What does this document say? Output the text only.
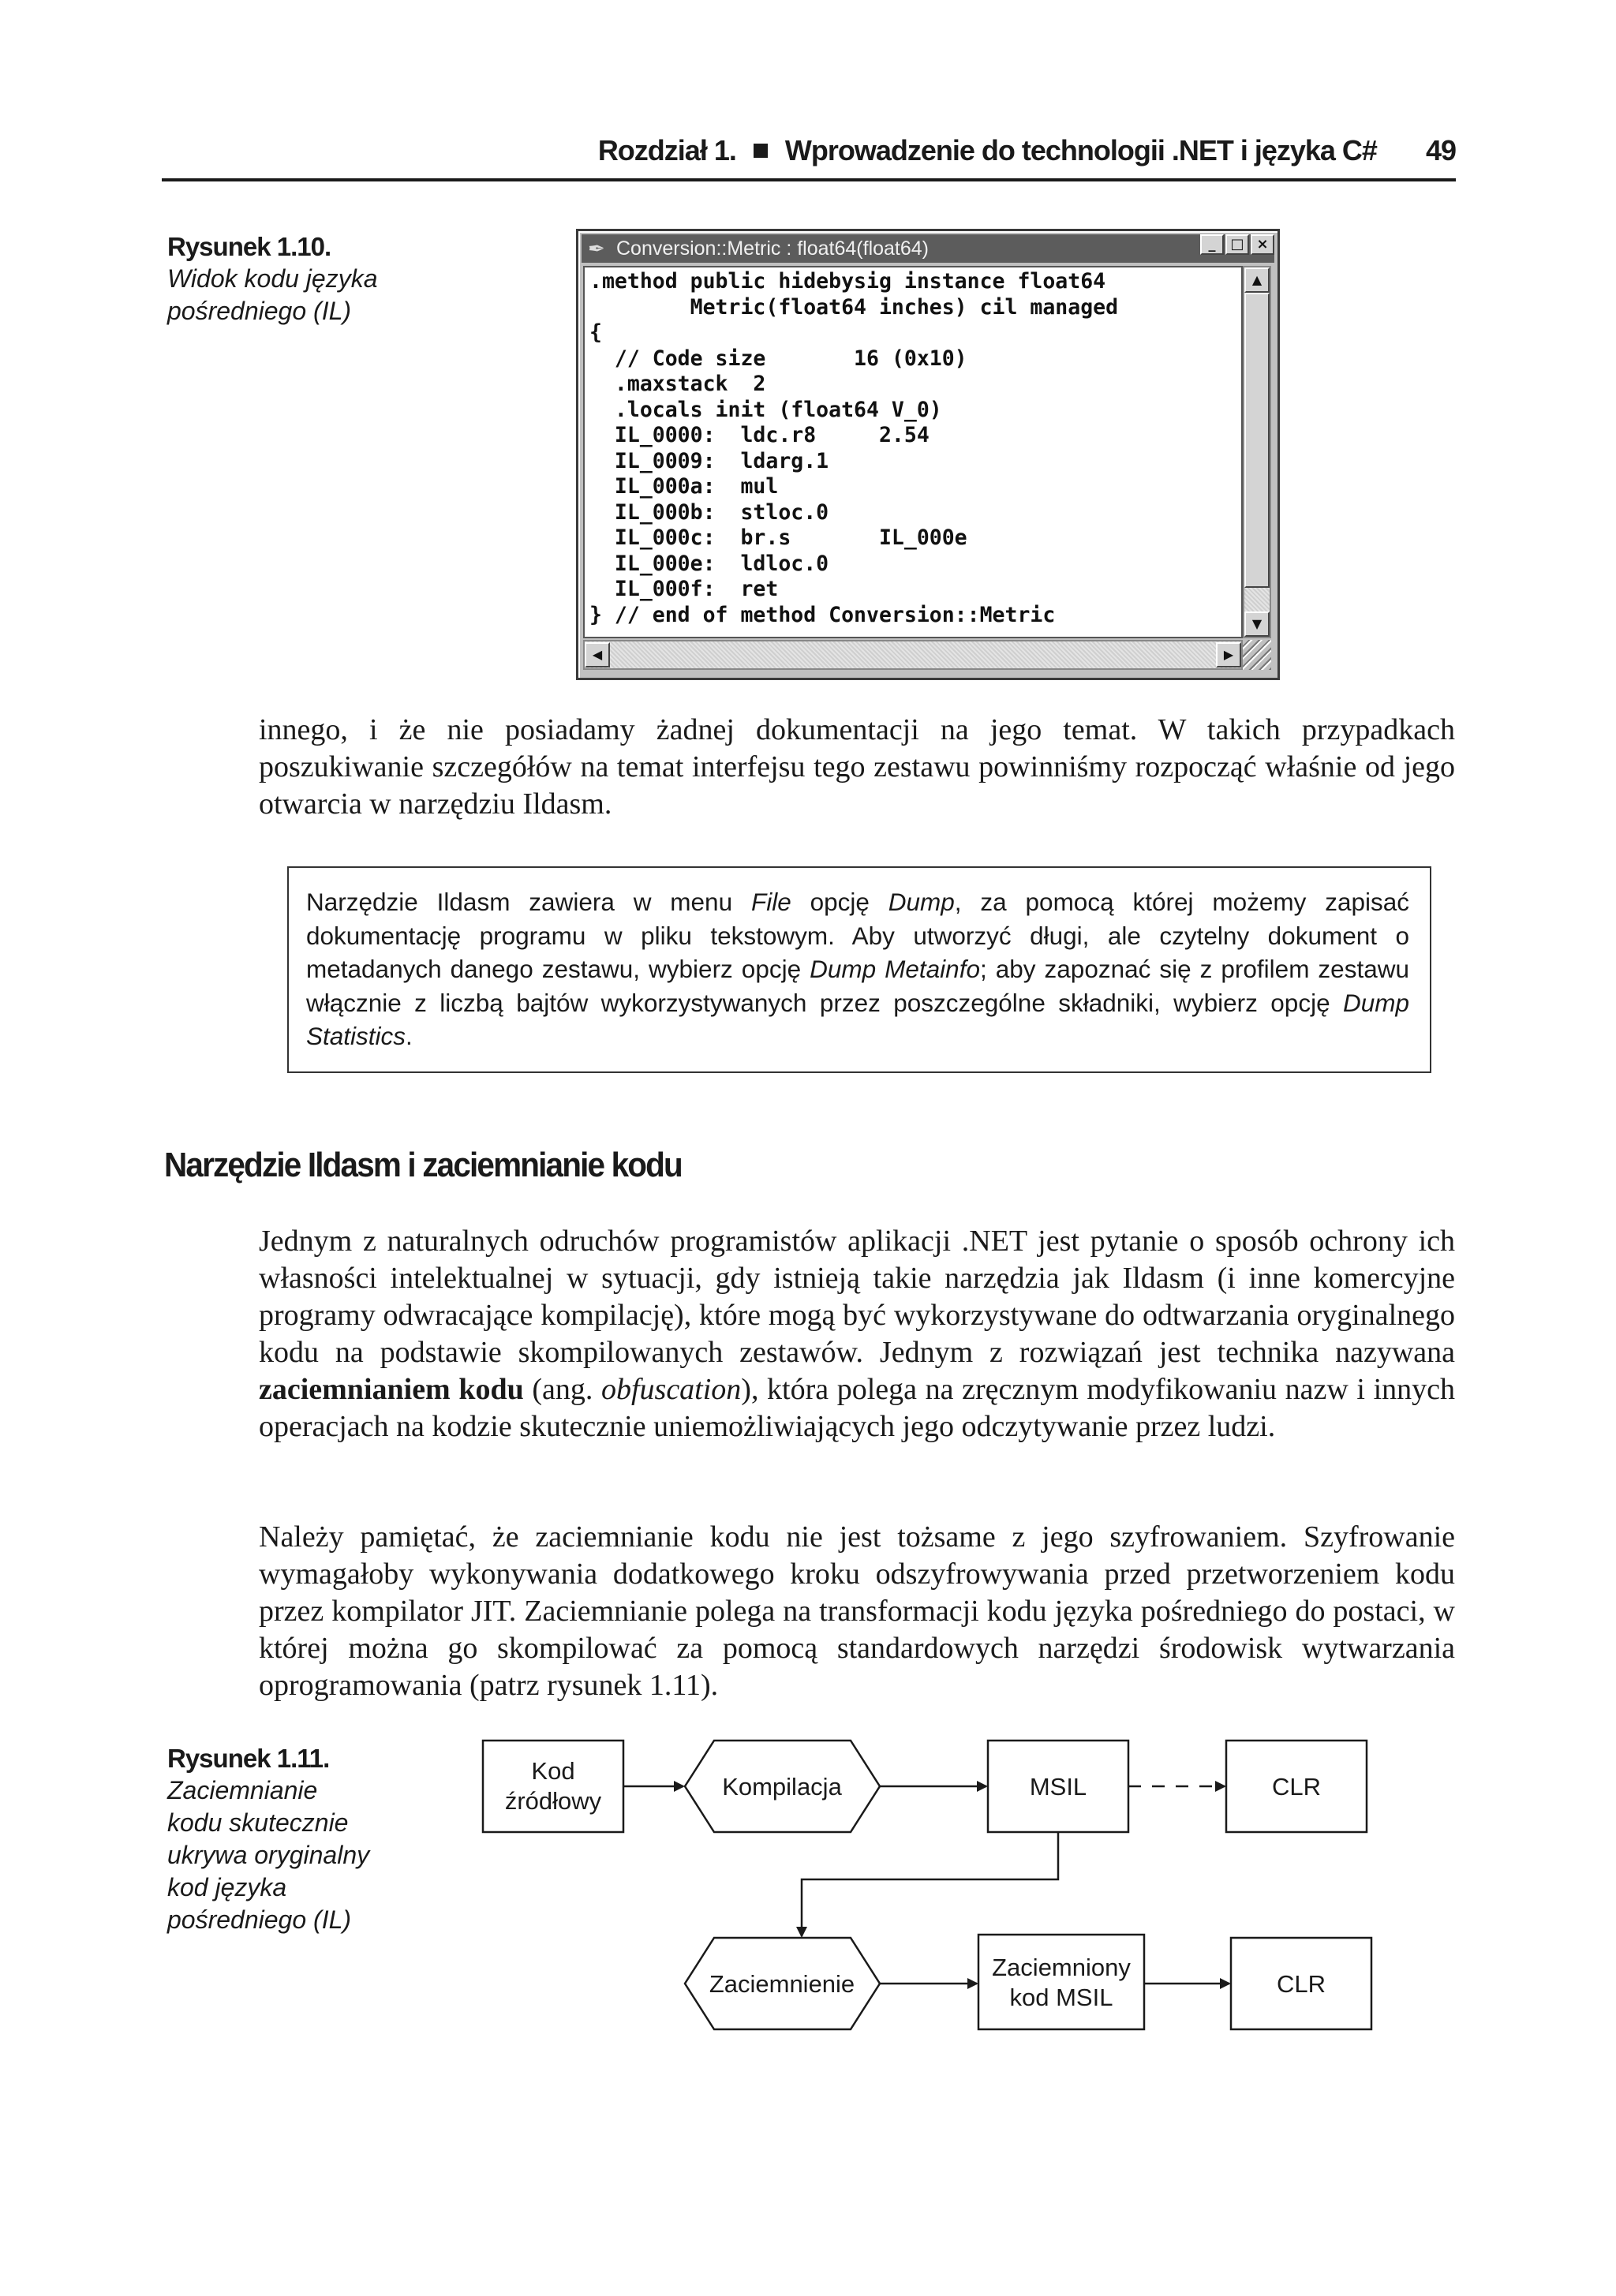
Rozdział 1. Wprowadzenie do technologii .NET i języka C# 49
Rysunek 1.10.
Widok kodu języka
pośredniego (IL)
✒ Conversion::Metric : float64(float64)	_	□ ×
.method public hidebysig instance float64
Metric(float64 inches) cil managed
{
// Code size       16 (0x10)
.maxstack  2
.locals init (float64 V_0)
IL_0000:  ldc.r8     2.54
IL_0009:  ldarg.1
IL_000a:  mul
IL_000b:  stloc.0
IL_000c:  br.s       IL_000e
IL_000e:  ldloc.0
IL_000f:  ret
} // end of method Conversion::Metric
▲
▼
◀	▶

innego, i że nie posiadamy żadnej dokumentacji na jego temat. W takich przypadkach poszukiwanie szczegółów na temat interfejsu tego zestawu powinniśmy rozpocząć właśnie od jego otwarcia w narzędziu Ildasm.

Narzędzie Ildasm zawiera w menu File opcję Dump, za pomocą której możemy zapisać dokumentację programu w pliku tekstowym. Aby utworzyć długi, ale czytelny dokument o metadanych danego zestawu, wybierz opcję Dump Metainfo; aby zapoznać się z profilem zestawu włącznie z liczbą bajtów wykorzystywanych przez poszczególne składniki, wybierz opcję Dump Statistics.
Narzędzie Ildasm i zaciemnianie kodu

Jednym z naturalnych odruchów programistów aplikacji .NET jest pytanie o sposób ochrony ich własności intelektualnej w sytuacji, gdy istnieją takie narzędzia jak Ildasm (i inne komercyjne programy odwracające kompilację), które mogą być wykorzystywane do odtwarzania oryginalnego kodu na podstawie skompilowanych zestawów. Jednym z rozwiązań jest technika nazywana zaciemnianiem kodu (ang. obfuscation), która polega na zręcznym modyfikowaniu nazw i innych operacjach na kodzie skutecznie uniemożliwiających jego odczytywanie przez ludzi.

Należy pamiętać, że zaciemnianie kodu nie jest tożsame z jego szyfrowaniem. Szyfrowanie wymagałoby wykonywania dodatkowego kroku odszyfrowywania przed przetworzeniem kodu przez kompilator JIT. Zaciemnianie polega na transformacji kodu języka pośredniego do postaci, w której można go skompilować za pomocą standardowych narzędzi środowisk wytwarzania oprogramowania (patrz rysunek 1.11).

Rysunek 1.11.
Zaciemnianie
kodu skutecznie
ukrywa oryginalny
kod języka
pośredniego (IL)
Kod
źródłowy
Kompilacja	MSIL	CLR
Zaciemnienie
Zaciemniony
kod MSIL	CLR
